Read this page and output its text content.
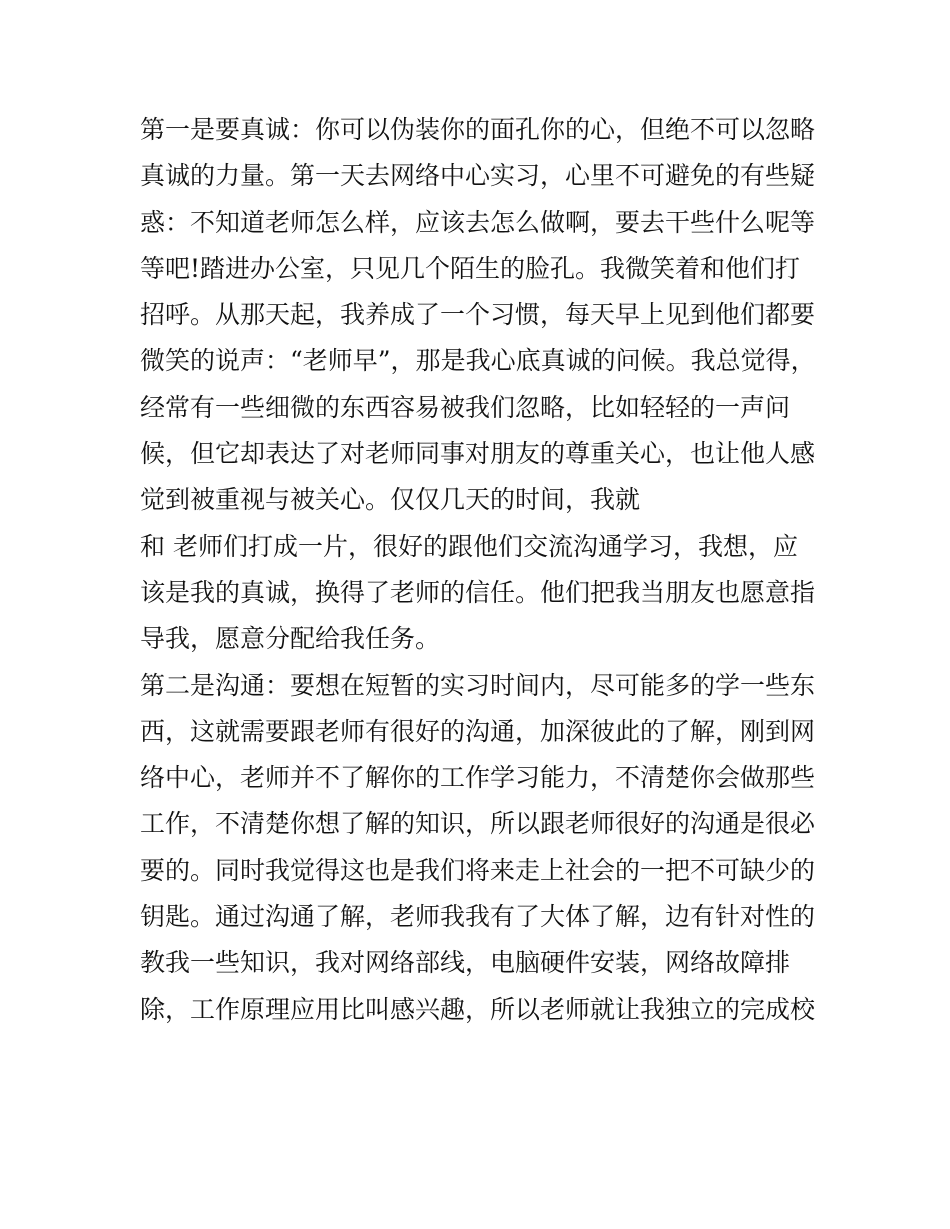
第一是要真诚：你可以伪装你的面孔你的心，但绝不可以忽略
真诚的力量。第一天去网络中心实习，心里不可避免的有些疑
惑：不知道老师怎么样，应该去怎么做啊，要去干些什么呢等
等吧!踏进办公室，只见几个陌生的脸孔。我微笑着和他们打
招呼。从那天起，我养成了一个习惯，每天早上见到他们都要
微笑的说声：“老师早”，那是我心底真诚的问候。我总觉得，
经常有一些细微的东西容易被我们忽略，比如轻轻的一声问
候，但它却表达了对老师同事对朋友的尊重关心，也让他人感
觉到被重视与被关心。仅仅几天的时间，我就
和 老师们打成一片，很好的跟他们交流沟通学习，我想，应
该是我的真诚，换得了老师的信任。他们把我当朋友也愿意指
导我，愿意分配给我任务。
第二是沟通：要想在短暂的实习时间内，尽可能多的学一些东
西，这就需要跟老师有很好的沟通，加深彼此的了解，刚到网
络中心，老师并不了解你的工作学习能力，不清楚你会做那些
工作，不清楚你想了解的知识，所以跟老师很好的沟通是很必
要的。同时我觉得这也是我们将来走上社会的一把不可缺少的
钥匙。通过沟通了解，老师我我有了大体了解，边有针对性的
教我一些知识，我对网络部线，电脑硬件安装，网络故障排
除，工作原理应用比叫感兴趣，所以老师就让我独立的完成校
